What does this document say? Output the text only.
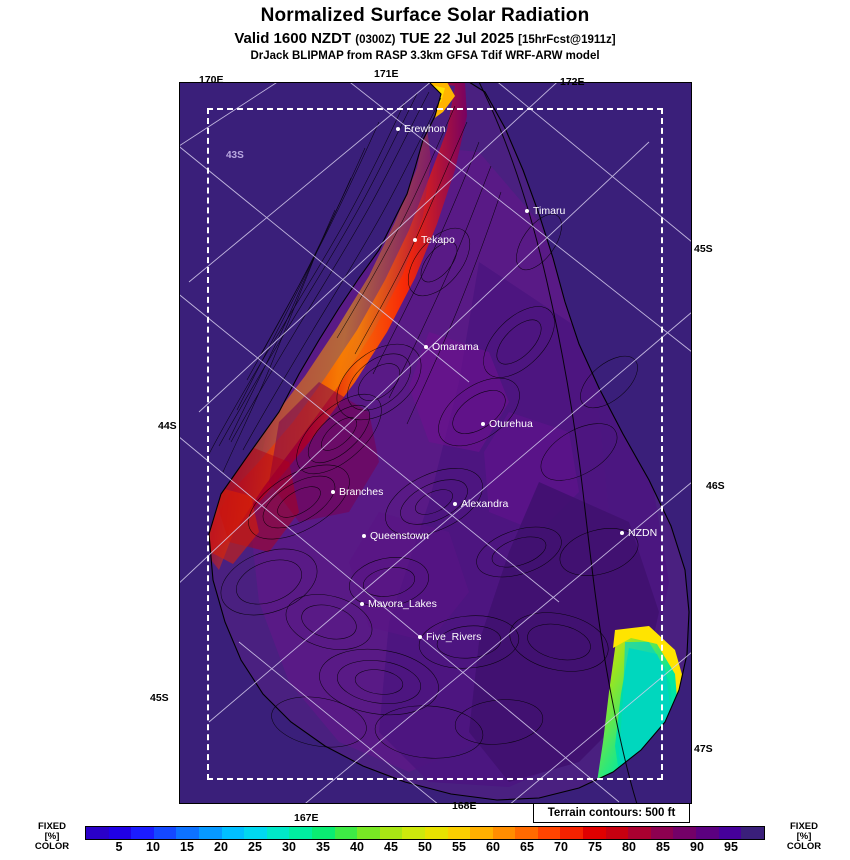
Normalized Surface Solar Radiation
Valid 1600 NZDT (0300Z) TUE 22 Jul 2025 [15hrFcst@1911z]
DrJack BLIPMAP from RASP 3.3km GFSA Tdif WRF-ARW model
Erewhon
Timaru
Tekapo
Omarama
Oturehua
Branches
Alexandra
Queenstown	NZDN
Mavora_Lakes
Five_Rivers
170E	171E
172E
167E
168E
44S
45S
45S
46S
47S
43S
Terrain contours: 500 ft
5 10 15 20 25 30 35 40 45 50 55 60 65 70 75 80 85 90 95
FIXED
[%]
COLOR
FIXED
[%]
COLOR
